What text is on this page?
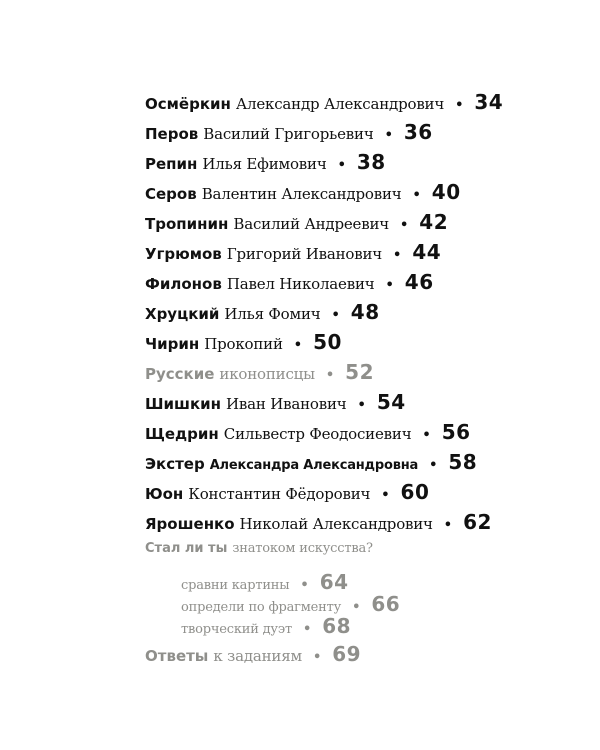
Осмёркин Александр Александрович • 34
Перов Василий Григорьевич • 36
Репин Илья Ефимович • 38
Серов Валентин Александрович • 40
Тропинин Василий Андреевич • 42
Угрюмов Григорий Иванович • 44
Филонов Павел Николаевич • 46
Хруцкий Илья Фомич • 48
Чирин Прокопий • 50
Русские иконописцы • 52
Шишкин Иван Иванович • 54
Щедрин Сильвестр Феодосиевич • 56
Экстер Александра Александровна • 58
Юон Константин Фёдорович • 60
Ярошенко Николай Александрович • 62
Стал ли ты знатоком искусства?
сравни картины • 64
определи по фрагменту • 66
творческий дуэт • 68
Ответы к заданиям • 69
